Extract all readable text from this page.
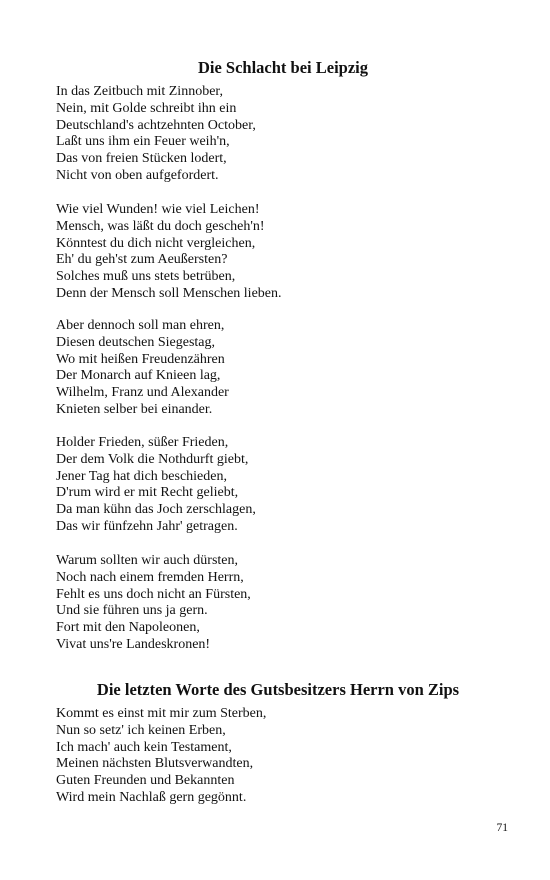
Die Schlacht bei Leipzig
In das Zeitbuch mit Zinnober,
Nein, mit Golde schreibt ihn ein
Deutschland's achtzehnten October,
Laßt uns ihm ein Feuer weih'n,
Das von freien Stücken lodert,
Nicht von oben aufgefordert.
Wie viel Wunden! wie viel Leichen!
Mensch, was läßt du doch gescheh'n!
Könntest du dich nicht vergleichen,
Eh' du geh'st zum Aeußersten?
Solches muß uns stets betrüben,
Denn der Mensch soll Menschen lieben.
Aber dennoch soll man ehren,
Diesen deutschen Siegestag,
Wo mit heißen Freudenzähren
Der Monarch auf Knieen lag,
Wilhelm, Franz und Alexander
Knieten selber bei einander.
Holder Frieden, süßer Frieden,
Der dem Volk die Nothdurft giebt,
Jener Tag hat dich beschieden,
D'rum wird er mit Recht geliebt,
Da man kühn das Joch zerschlagen,
Das wir fünfzehn Jahr' getragen.
Warum sollten wir auch dürsten,
Noch nach einem fremden Herrn,
Fehlt es uns doch nicht an Fürsten,
Und sie führen uns ja gern.
Fort mit den Napoleonen,
Vivat uns're Landeskronen!
Die letzten Worte des Gutsbesitzers Herrn von Zips
Kommt es einst mit mir zum Sterben,
Nun so setz' ich keinen Erben,
Ich mach' auch kein Testament,
Meinen nächsten Blutsverwandten,
Guten Freunden und Bekannten
Wird mein Nachlaß gern gegönnt.
71
